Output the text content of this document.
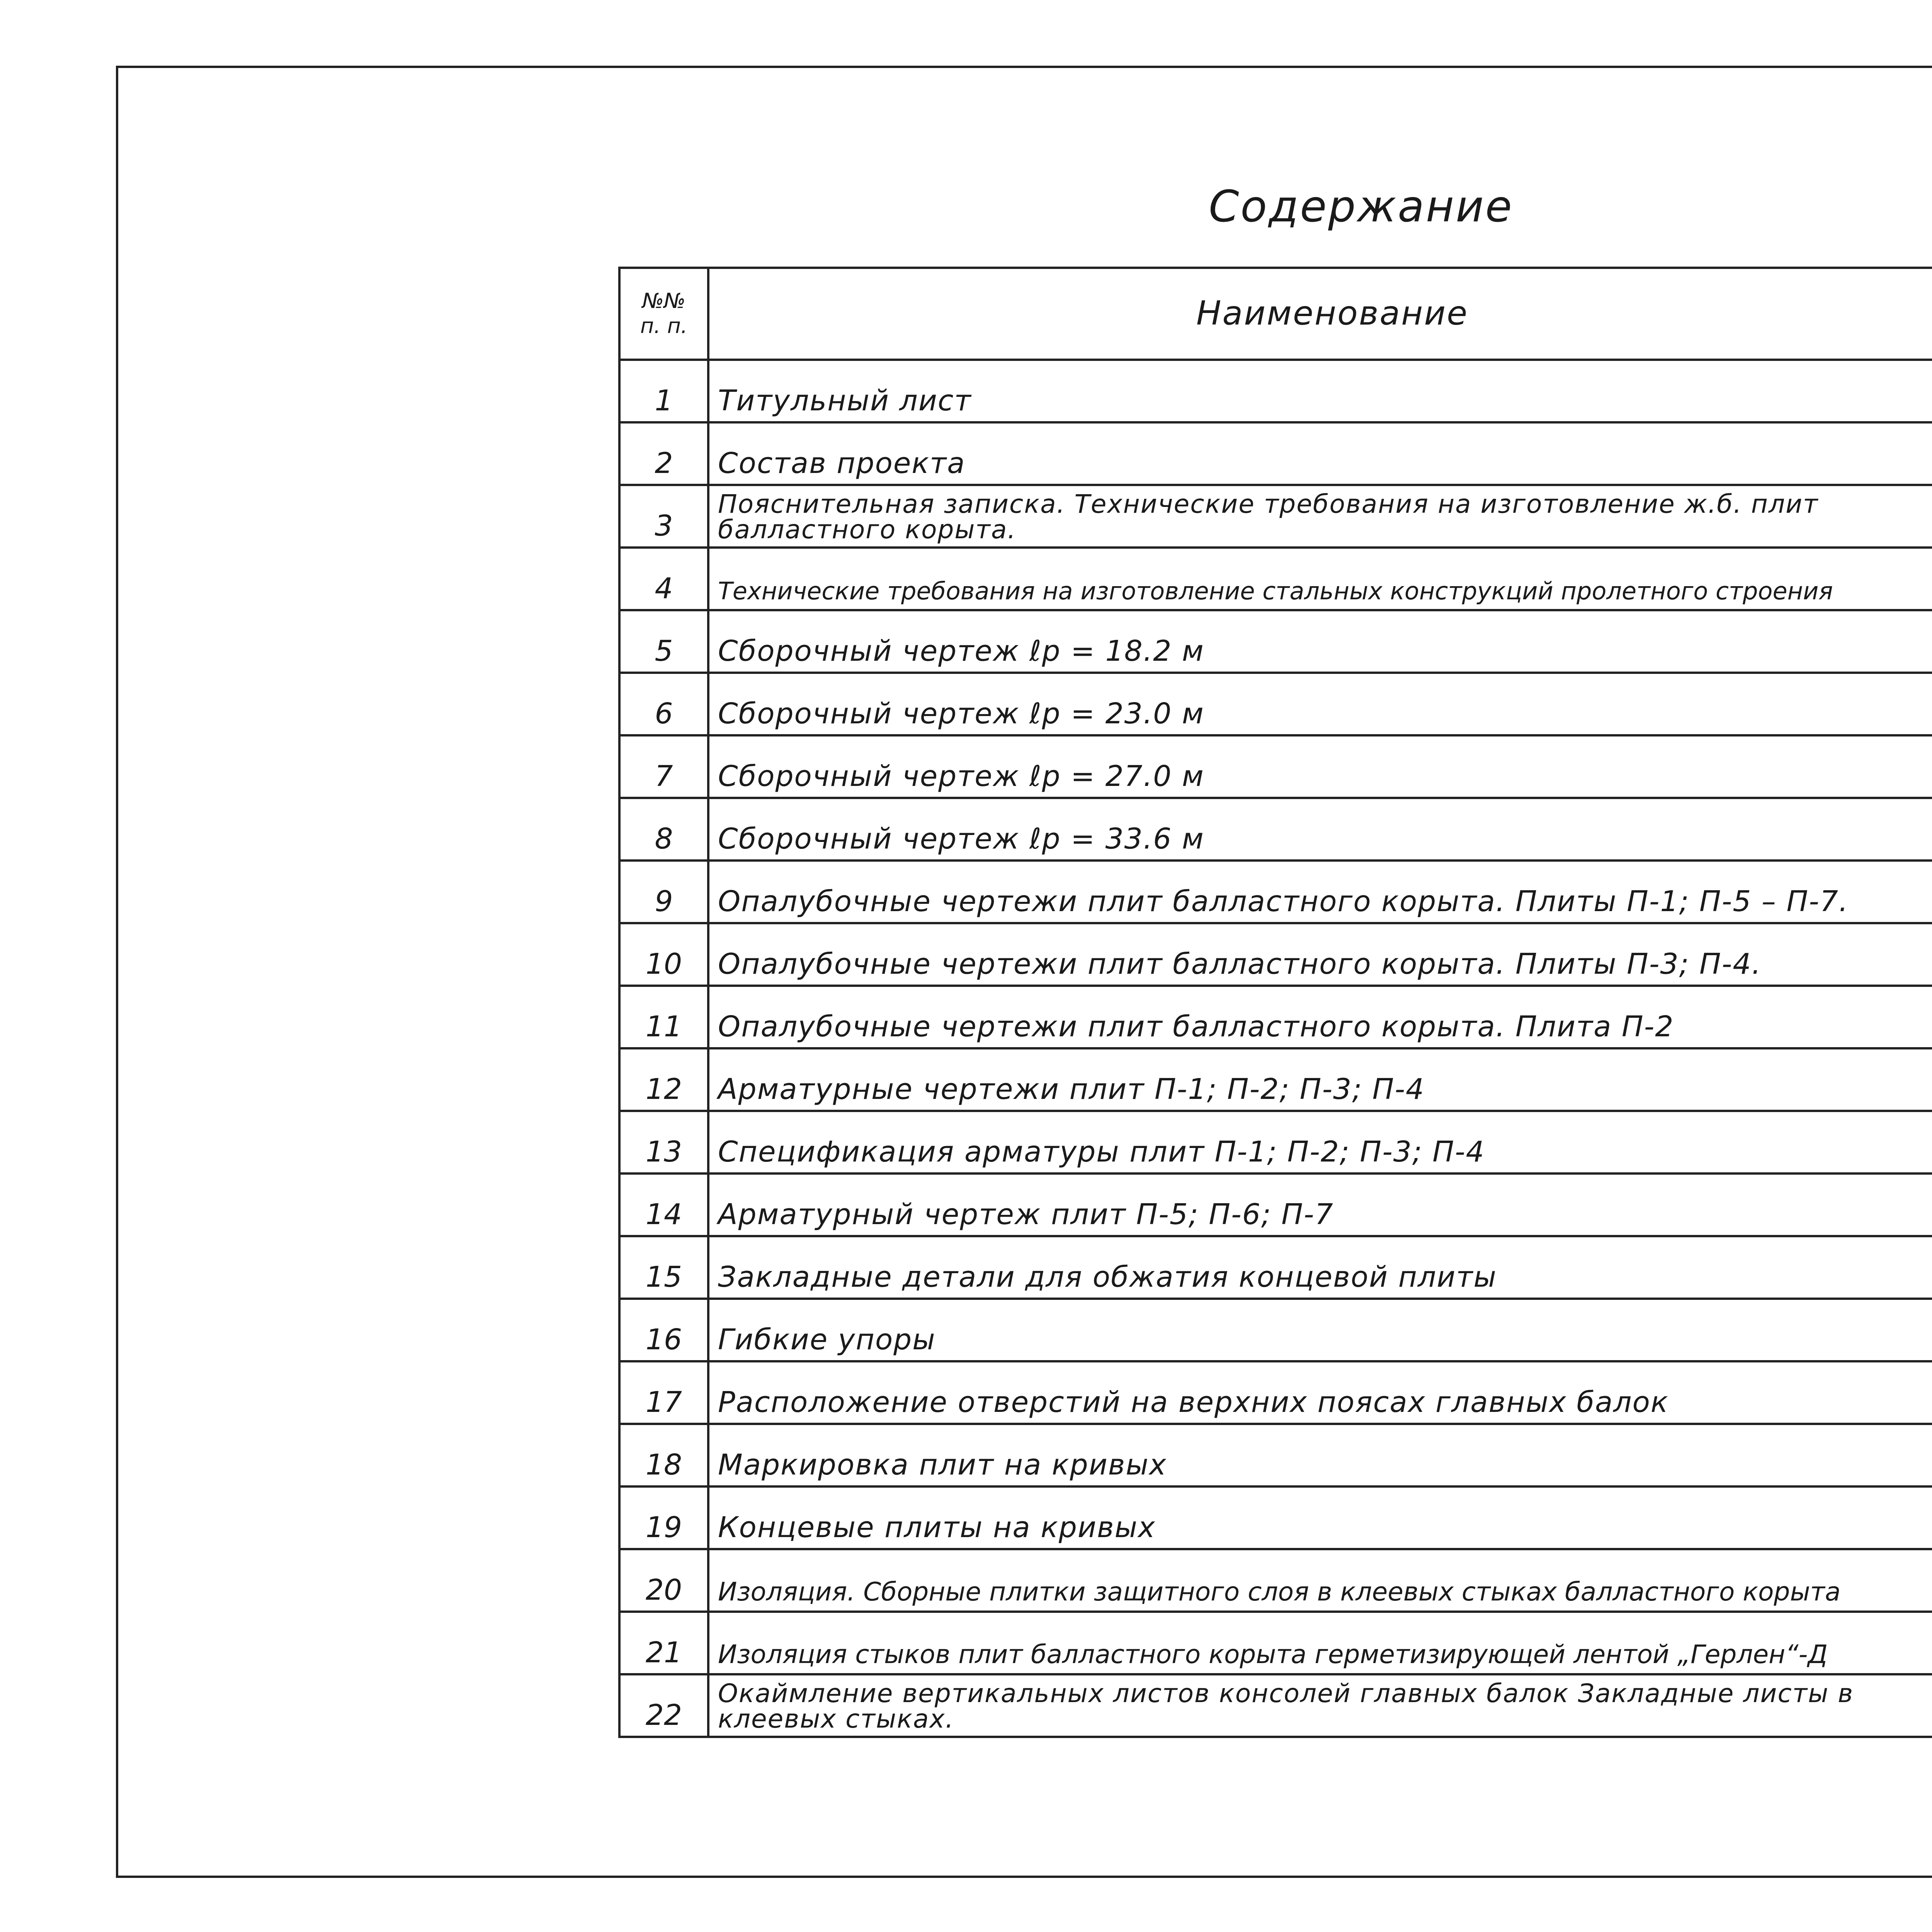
Содержание
№№ п. п.	Наименование		
1	Титульный лист		
2	Состав проекта		
3	Пояснительная записка. Технические требования на изготовление ж.б. плит балластного корыта.		
4	Технические требования на изготовление стальных конструкций пролетного строения		
5	Сборочный чертеж ℓр = 18.2 м		
6	Сборочный чертеж ℓр = 23.0 м		
7	Сборочный чертеж ℓр = 27.0 м		
8	Сборочный чертеж ℓр = 33.6 м		
9	Опалубочные чертежи плит балластного корыта. Плиты П-1; П-5 – П-7.		
10	Опалубочные чертежи плит балластного корыта. Плиты П-3; П-4.		
11	Опалубочные чертежи плит балластного корыта. Плита П-2		
12	Арматурные чертежи плит П-1; П-2; П-3; П-4		
13	Спецификация арматуры плит П-1; П-2; П-3; П-4		
14	Арматурный чертеж плит П-5; П-6; П-7		
15	Закладные детали для обжатия концевой плиты		
16	Гибкие упоры		
17	Расположение отверстий на верхних поясах главных балок		
18	Маркировка плит на кривых		
19	Концевые плиты на кривых		
20	Изоляция. Сборные плитки защитного слоя в клеевых стыках балластного корыта		
21	Изоляция стыков плит балластного корыта герметизирующей лентой „Герлен“-Д		
22	Окаймление вертикальных листов консолей главных балок Закладные листы в клеевых стыках.		
